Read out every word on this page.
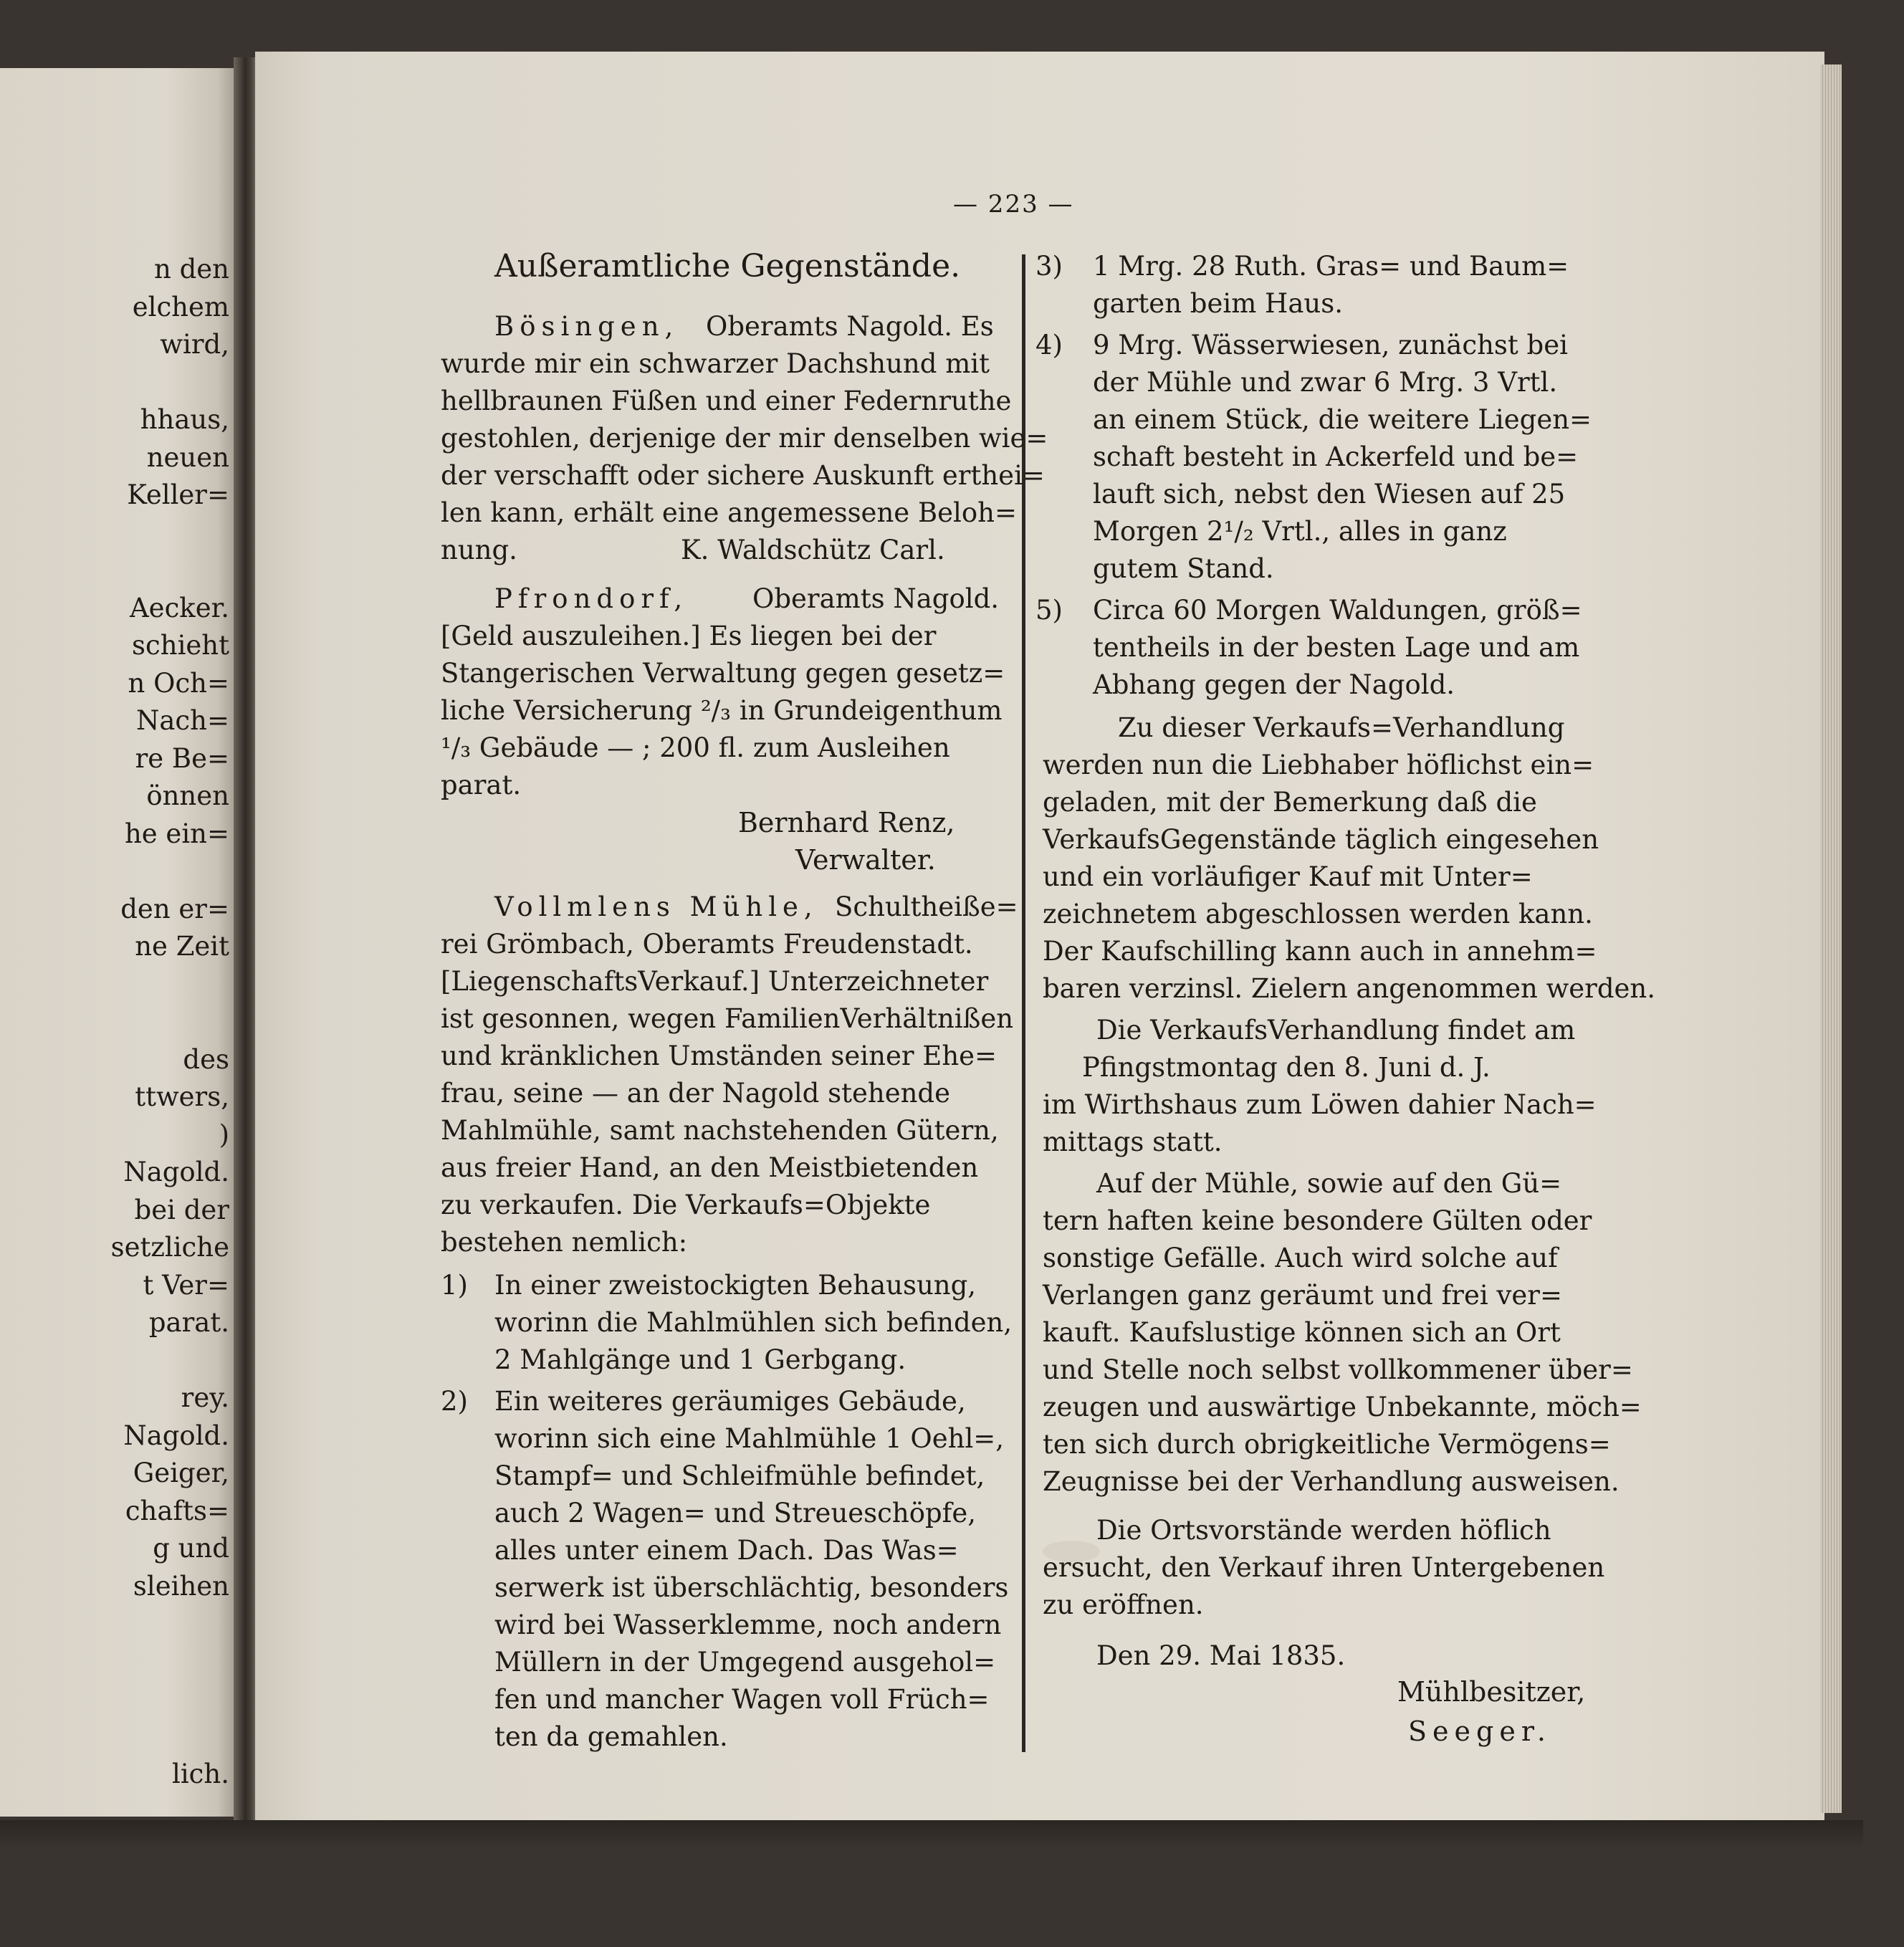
n den
elchem
wird,
hhaus,
neuen
Keller=
Aecker.
schieht
n Och=
Nach=
re Be=
önnen
he ein=
den er=
ne Zeit
des
ttwers,
)
Nagold.
bei der
setzliche
t Ver=
parat.
rey.
Nagold.
Geiger,
chafts=
g und
sleihen
lich.
— 223 —
Außeramtliche Gegenstände.
Bösingen, Oberamts Nagold. Es
wurde mir ein schwarzer Dachshund mit
hellbraunen Füßen und einer Federnruthe
gestohlen, derjenige der mir denselben wie=
der verschafft oder sichere Auskunft erthei=
len kann, erhält eine angemessene Beloh=
nung.	K. Waldschütz Carl.
Pfrondorf, Oberamts Nagold.
[Geld auszuleihen.] Es liegen bei der
Stangerischen Verwaltung gegen gesetz=
liche Versicherung ²/₃ in Grundeigenthum
¹/₃ Gebäude — ; 200 fl. zum Ausleihen
parat.
Bernhard Renz,
Verwalter.
Vollmlens Mühle, Schultheiße=
rei Grömbach, Oberamts Freudenstadt.
[LiegenschaftsVerkauf.] Unterzeichneter
ist gesonnen, wegen FamilienVerhältnißen
und kränklichen Umständen seiner Ehe=
frau, seine — an der Nagold stehende
Mahlmühle, samt nachstehenden Gütern,
aus freier Hand, an den Meistbietenden
zu verkaufen. Die Verkaufs=Objekte
bestehen nemlich:
1) In einer zweistockigten Behausung,
worinn die Mahlmühlen sich befinden,
2 Mahlgänge und 1 Gerbgang.
2) Ein weiteres geräumiges Gebäude,
worinn sich eine Mahlmühle 1 Oehl=,
Stampf= und Schleifmühle befindet,
auch 2 Wagen= und Streueschöpfe,
alles unter einem Dach. Das Was=
serwerk ist überschlächtig, besonders
wird bei Wasserklemme, noch andern
Müllern in der Umgegend ausgehol=
fen und mancher Wagen voll Früch=
ten da gemahlen.
3) 1 Mrg. 28 Ruth. Gras= und Baum=
garten beim Haus.
4) 9 Mrg. Wässerwiesen, zunächst bei
der Mühle und zwar 6 Mrg. 3 Vrtl.
an einem Stück, die weitere Liegen=
schaft besteht in Ackerfeld und be=
lauft sich, nebst den Wiesen auf 25
Morgen 2¹/₂ Vrtl., alles in ganz
gutem Stand.
5) Circa 60 Morgen Waldungen, größ=
tentheils in der besten Lage und am
Abhang gegen der Nagold.
Zu dieser Verkaufs=Verhandlung
werden nun die Liebhaber höflichst ein=
geladen, mit der Bemerkung daß die
VerkaufsGegenstände täglich eingesehen
und ein vorläufiger Kauf mit Unter=
zeichnetem abgeschlossen werden kann.
Der Kaufschilling kann auch in annehm=
baren verzinsl. Zielern angenommen werden.
Die VerkaufsVerhandlung findet am
Pfingstmontag den 8. Juni d. J.
im Wirthshaus zum Löwen dahier Nach=
mittags statt.
Auf der Mühle, sowie auf den Gü=
tern haften keine besondere Gülten oder
sonstige Gefälle. Auch wird solche auf
Verlangen ganz geräumt und frei ver=
kauft. Kaufslustige können sich an Ort
und Stelle noch selbst vollkommener über=
zeugen und auswärtige Unbekannte, möch=
ten sich durch obrigkeitliche Vermögens=
Zeugnisse bei der Verhandlung ausweisen.
Die Ortsvorstände werden höflich
ersucht, den Verkauf ihren Untergebenen
zu eröffnen.
Den 29. Mai 1835.
Mühlbesitzer,
Seeger.
